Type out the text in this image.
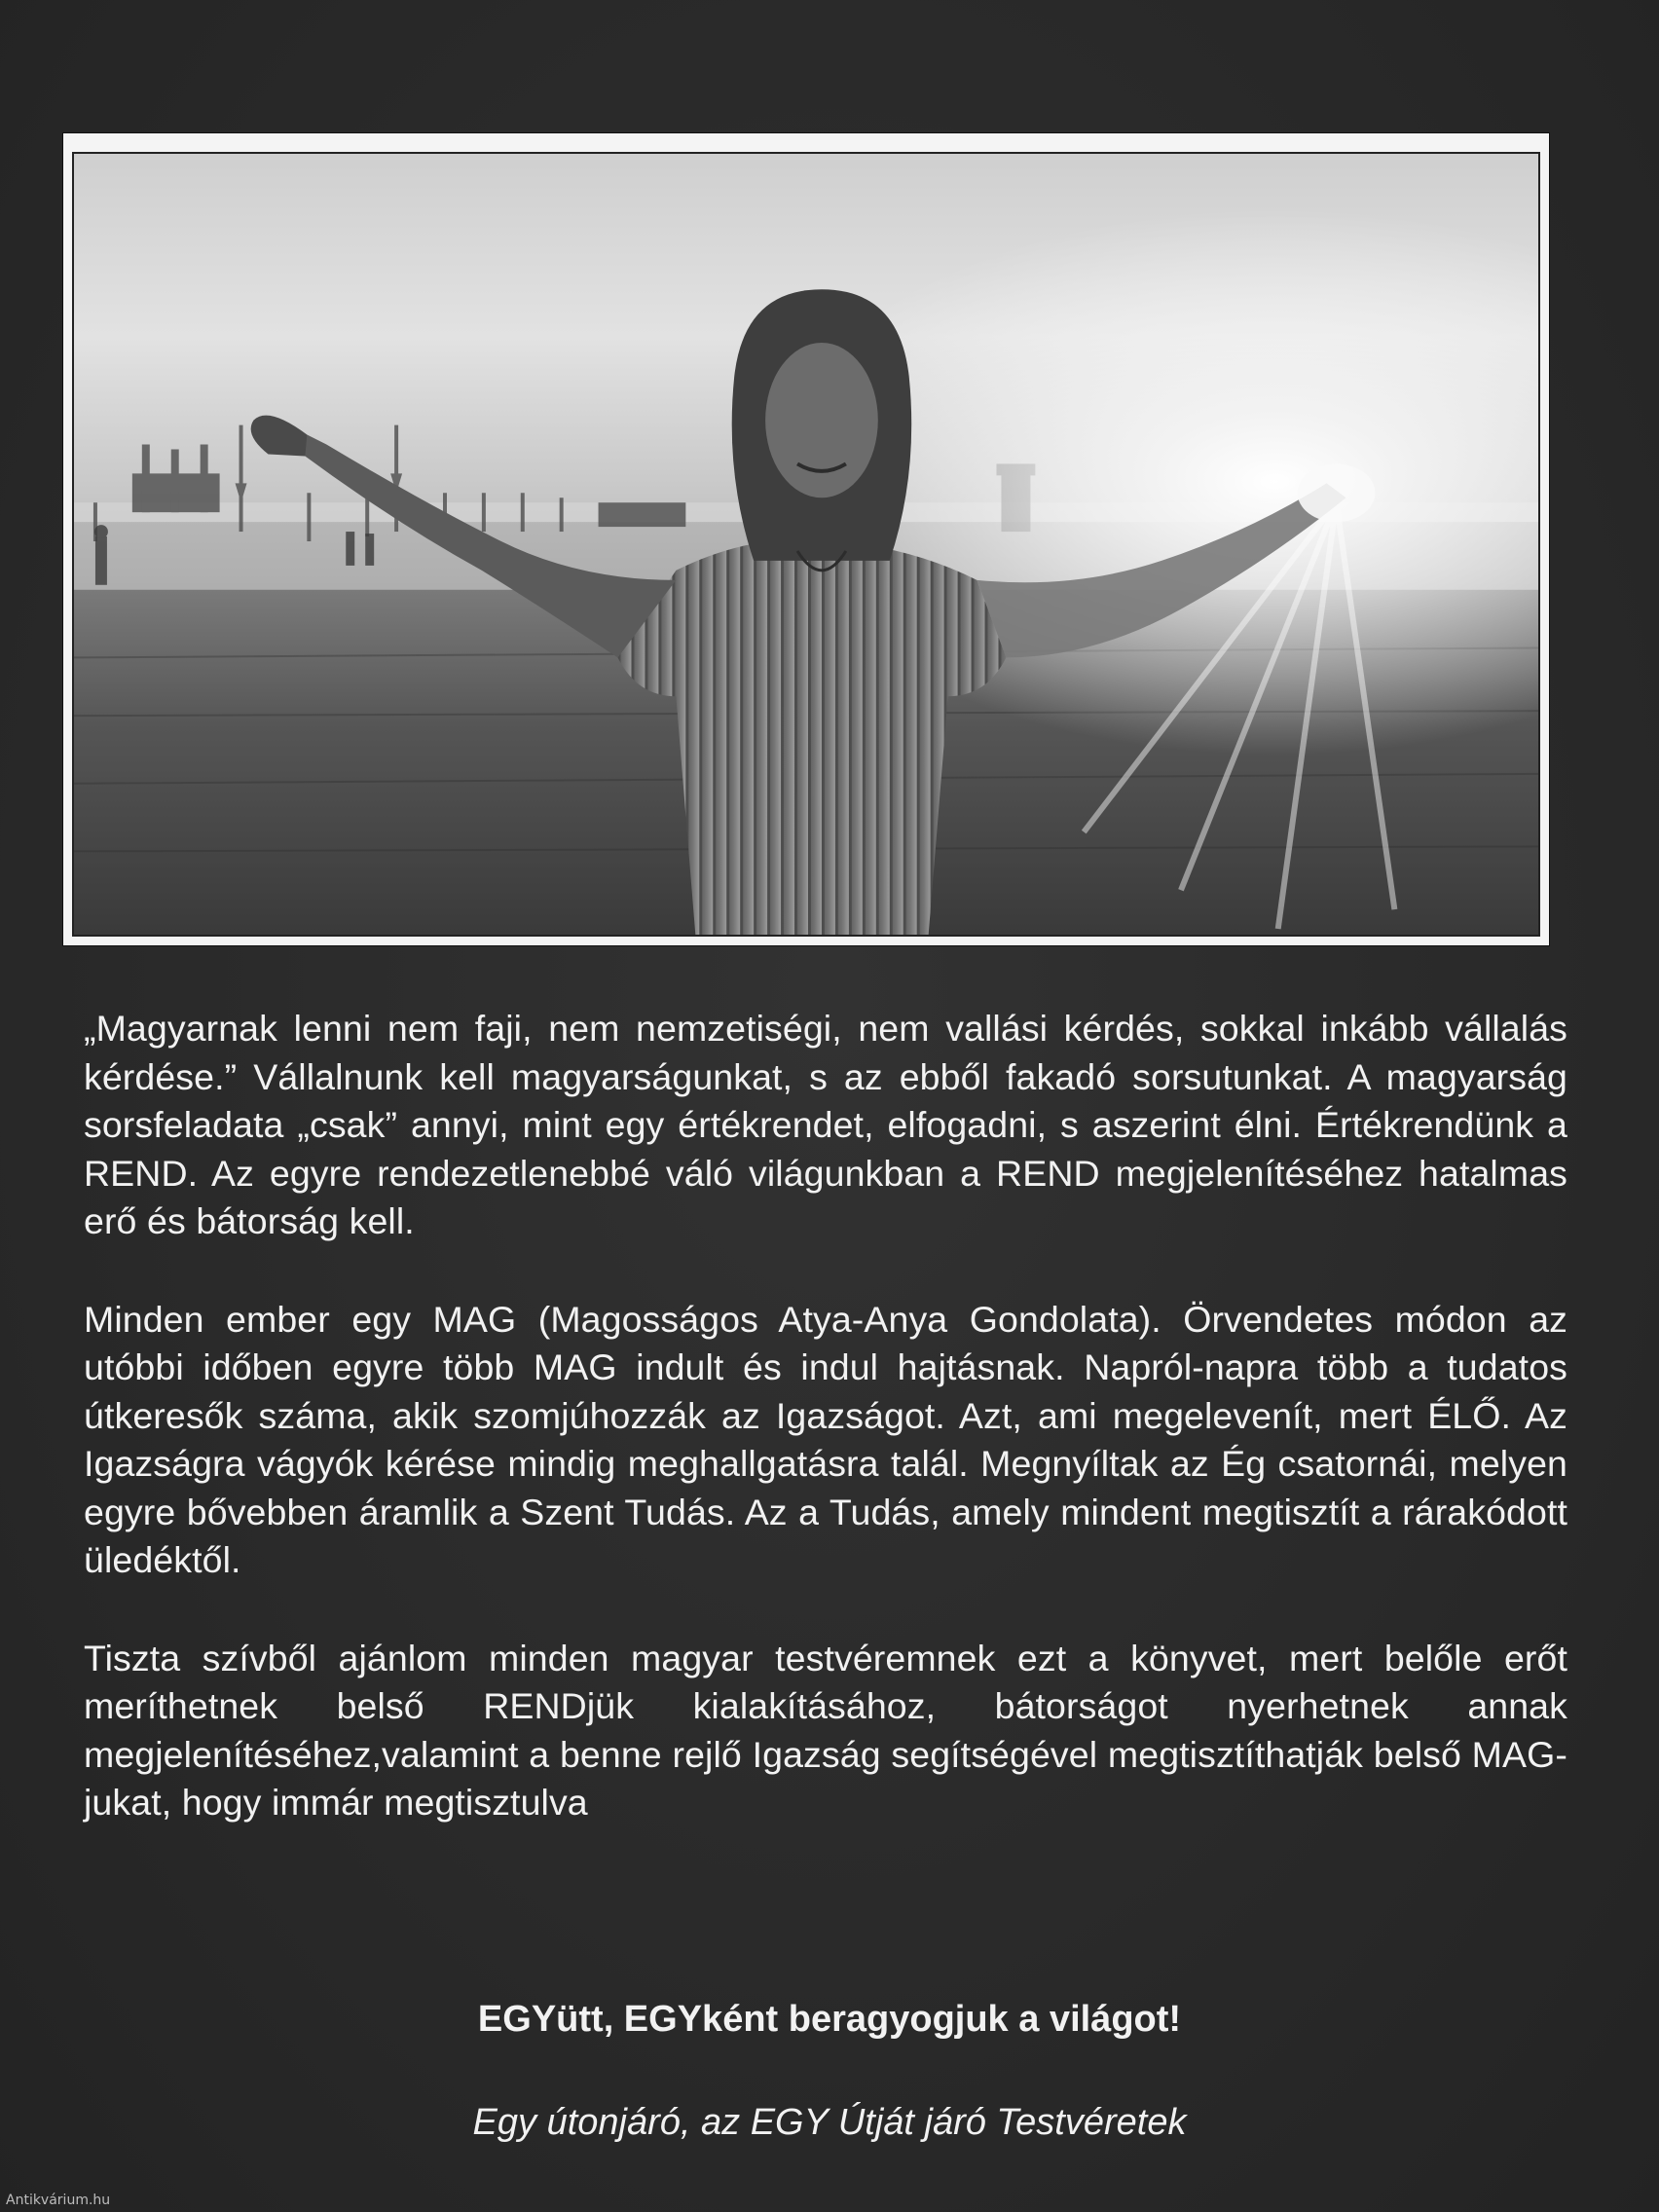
„Magyarnak lenni nem faji, nem nemzetiségi, nem vallási kérdés, sokkal inkább vállalás kérdése.” Vállalnunk kell magyarságunkat, s az ebből fakadó sorsutunkat. A magyarság sorsfeladata „csak” annyi, mint egy értékrendet, elfogadni, s aszerint élni. Értékrendünk a REND. Az egyre rendezetlenebbé váló világunkban a REND megjelenítéséhez hatalmas erő és bátorság kell.

Minden ember egy MAG (Magosságos Atya-Anya Gondolata). Örvendetes módon az utóbbi időben egyre több MAG indult és indul hajtásnak. Napról-napra több a tudatos útkeresők száma, akik szomjúhozzák az Igazságot. Azt, ami megelevenít, mert ÉLŐ. Az Igazságra vágyók kérése mindig meghallgatásra talál. Megnyíltak az Ég csatornái, melyen egyre bővebben áramlik a Szent Tudás. Az a Tudás, amely mindent megtisztít a rárakódott üledéktől.

Tiszta szívből ajánlom minden magyar testvéremnek ezt a könyvet, mert belőle erőt meríthetnek belső RENDjük kialakításához, bátorságot nyerhetnek annak megjelenítéséhez,valamint a benne rejlő Igazság segítségével megtisztíthatják belső MAG-jukat, hogy immár megtisztulva

EGYütt, EGYként beragyogjuk a világot!

Egy útonjáró, az EGY Útját járó Testvéretek

Antikvárium.hu
